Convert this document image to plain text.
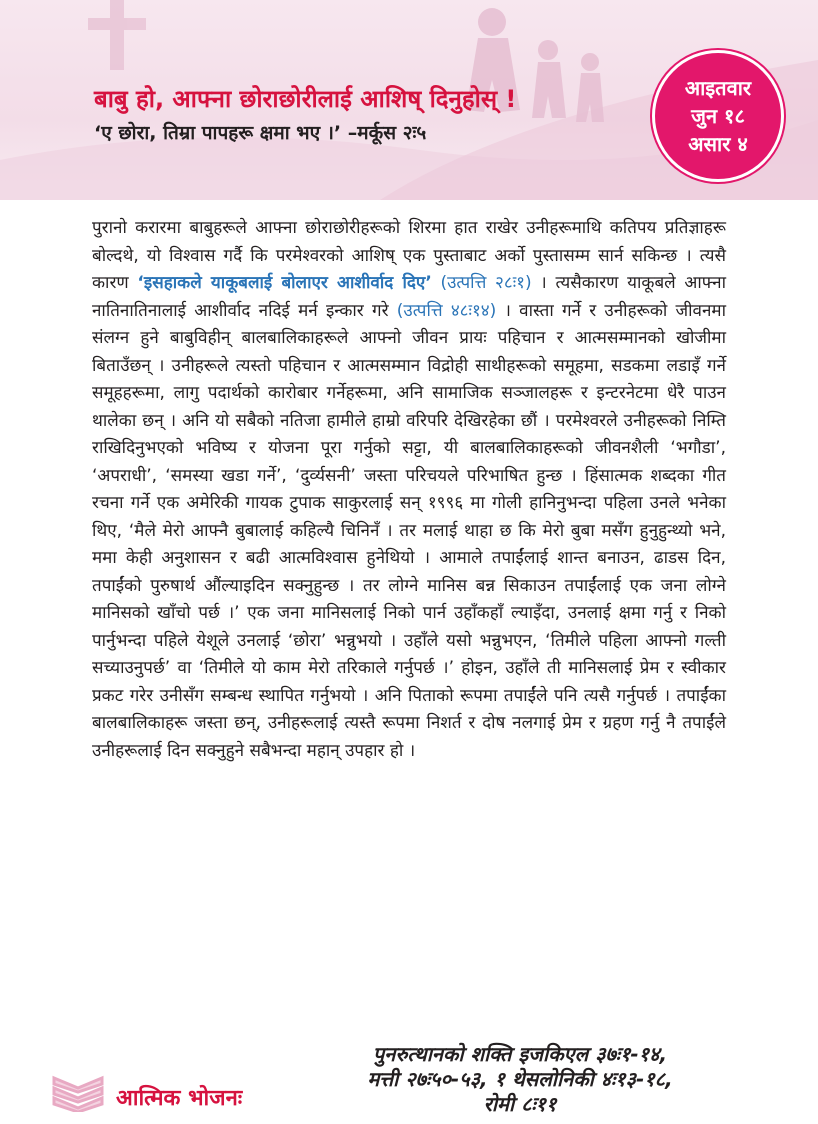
बाबु हो, आफ्ना छोराछोरीलाई आशिष् दिनुहोस् !
‘ए छोरा, तिम्रा पापहरू क्षमा भए ।’ –मर्कूस २ः५
आइतवार
जुन १८
असार ४
पुरानो करारमा बाबुहरूले आफ्ना छोराछोरीहरूको शिरमा हात राखेर उनीहरूमाथि कतिपय प्रतिज्ञाहरू बोल्दथे, यो विश्वास गर्दै कि परमेश्वरको आशिष् एक पुस्ताबाट अर्को पुस्तासम्म सार्न सकिन्छ । त्यसै कारण ‘इसहाकले याकूबलाई बोलाएर आशीर्वाद दिए’ (उत्पत्ति २८ः१) । त्यसैकारण याकूबले आफ्ना नातिनातिनालाई आशीर्वाद नदिई मर्न इन्कार गरे (उत्पत्ति ४८ः१४) । वास्ता गर्ने र उनीहरूको जीवनमा संलग्न हुने बाबुविहीन् बालबालिकाहरूले आफ्नो जीवन प्रायः पहिचान र आत्मसम्मानको खोजीमा बिताउँछन् । उनीहरूले त्यस्तो पहिचान र आत्मसम्मान विद्रोही साथीहरूको समूहमा, सडकमा लडाइँ गर्ने समूहहरूमा, लागु पदार्थको कारोबार गर्नेहरूमा, अनि सामाजिक सञ्जालहरू र इन्टरनेटमा धेरै पाउन थालेका छन् । अनि यो सबैको नतिजा हामीले हाम्रो वरिपरि देखिरहेका छौं । परमेश्वरले उनीहरूको निम्ति राखिदिनुभएको भविष्य र योजना पूरा गर्नुको सट्टा, यी बालबालिकाहरूको जीवनशैली ‘भगौडा’, ‘अपराधी’, ‘समस्या खडा गर्ने’, ‘दुर्व्यसनी’ जस्ता परिचयले परिभाषित हुन्छ । हिंसात्मक शब्दका गीत रचना गर्ने एक अमेरिकी गायक टुपाक साकुरलाई सन् १९९६ मा गोली हानिनुभन्दा पहिला उनले भनेका थिए, ‘मैले मेरो आफ्नै बुबालाई कहिल्यै चिनिनँ । तर मलाई थाहा छ कि मेरो बुबा मसँग हुनुहुन्थ्यो भने, ममा केही अनुशासन र बढी आत्मविश्वास हुनेथियो । आमाले तपाईंलाई शान्त बनाउन, ढाडस दिन, तपाईंको पुरुषार्थ औंल्याइदिन सक्नुहुन्छ । तर लोग्ने मानिस बन्न सिकाउन तपाईंलाई एक जना लोग्ने मानिसको खाँचो पर्छ ।’ एक जना मानिसलाई निको पार्न उहाँकहाँ ल्याइँदा, उनलाई क्षमा गर्नु र निको पार्नुभन्दा पहिले येशूले उनलाई ‘छोरा’ भन्नुभयो । उहाँले यसो भन्नुभएन, ‘तिमीले पहिला आफ्नो गल्ती सच्याउनुपर्छ’ वा ‘तिमीले यो काम मेरो तरिकाले गर्नुपर्छ ।’ होइन, उहाँले ती मानिसलाई प्रेम र स्वीकार प्रकट गरेर उनीसँग सम्बन्ध स्थापित गर्नुभयो । अनि पिताको रूपमा तपाईंले पनि त्यसै गर्नुपर्छ । तपाईंका बालबालिकाहरू जस्ता छन्, उनीहरूलाई त्यस्तै रूपमा निशर्त र दोष नलगाई प्रेम र ग्रहण गर्नु नै तपाईंले उनीहरूलाई दिन सक्नुहुने सबैभन्दा महान् उपहार हो ।
आत्मिक भोजनः
पुनरुत्थानको शक्ति इजकिएल ३७ः१-१४,
मत्ती २७ः५०-५३, १ थेसलोनिकी ४ः१३-१८,
रोमी ८ः११
